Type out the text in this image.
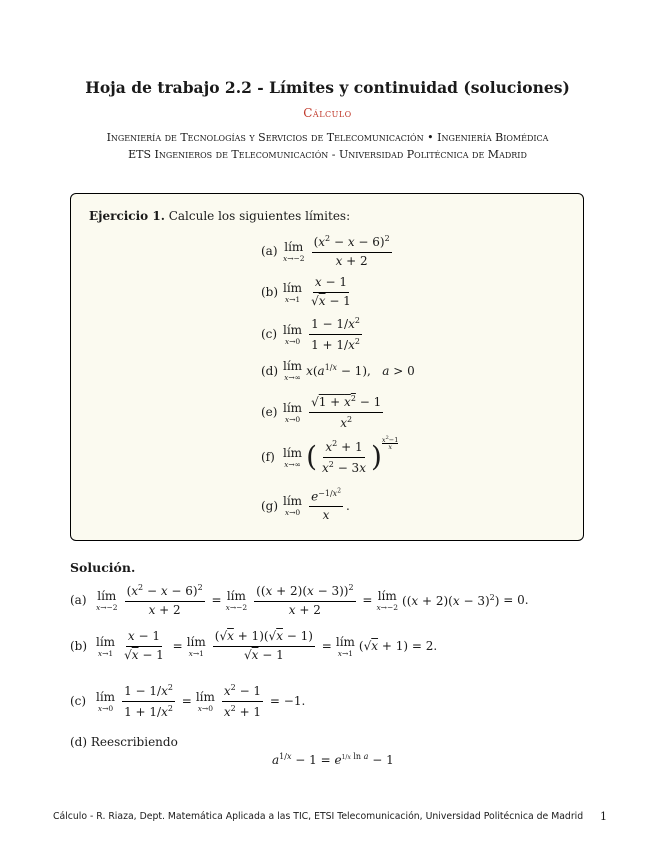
Hoja de trabajo 2.2 - Límites y continuidad (soluciones)
Cálculo
Ingeniería de Tecnologías y Servicios de Telecomunicación • Ingeniería Biomédica
ETS Ingenieros de Telecomunicación - Universidad Politécnica de Madrid
Ejercicio 1. Calcule los siguientes límites:
(a) lím
$x\to-2 \frac{(x^2 - x - 6)^2}{x + 2}$
(b) lím
$x\to 1 \frac{x - 1}{√x - 1}$
(c) lím
$x\to 0 \frac{1 - 1/x^2}{1 + 1/x^2}$
(d) lím
x→∞ $x(a^{1/x} - 1)$,   a > 0
(e) lím
$x\to 0 \frac{√1 + x^2 - 1}{x^2}$
(f) lím
x→∞ ( $\frac{x^2 + 1}{x^2 - 3x}$ ) $^{\frac{x^2-1}{x}}$
(g) lím
$x\to 0 \frac{e^{-1/x^2}}{x}$ .
Solución.
(a) lím
$x\to-2 \frac{(x^2 - x - 6)^2}{x + 2}$ = lím
$x\to-2 \frac{((x + 2)(x - 3))^2}{x + 2}$ = lím
x→−2 $((x + 2)(x - 3)^2) = 0$.
(b) lím
$x\to 1 \frac{x - 1}{√x - 1}$ = lím
$x\to 1 \frac{(√x + 1)(√x - 1)}{√x - 1}$ = lím
x→1 (√x + 1) = 2.
(c) lím
$x\to 0 \frac{1 - 1/x^2}{1 + 1/x^2}$ = lím
$x\to 0 \frac{x^2 - 1}{x^2 + 1}$
= −1.
(d) Reescribiendo
$a^{1/x} - 1 = e^{1/x ln a} - 1$
Cálculo - R. Riaza, Dept. Matemática Aplicada a las TIC, ETSI Telecomunicación, Universidad Politécnica de Madrid 1
